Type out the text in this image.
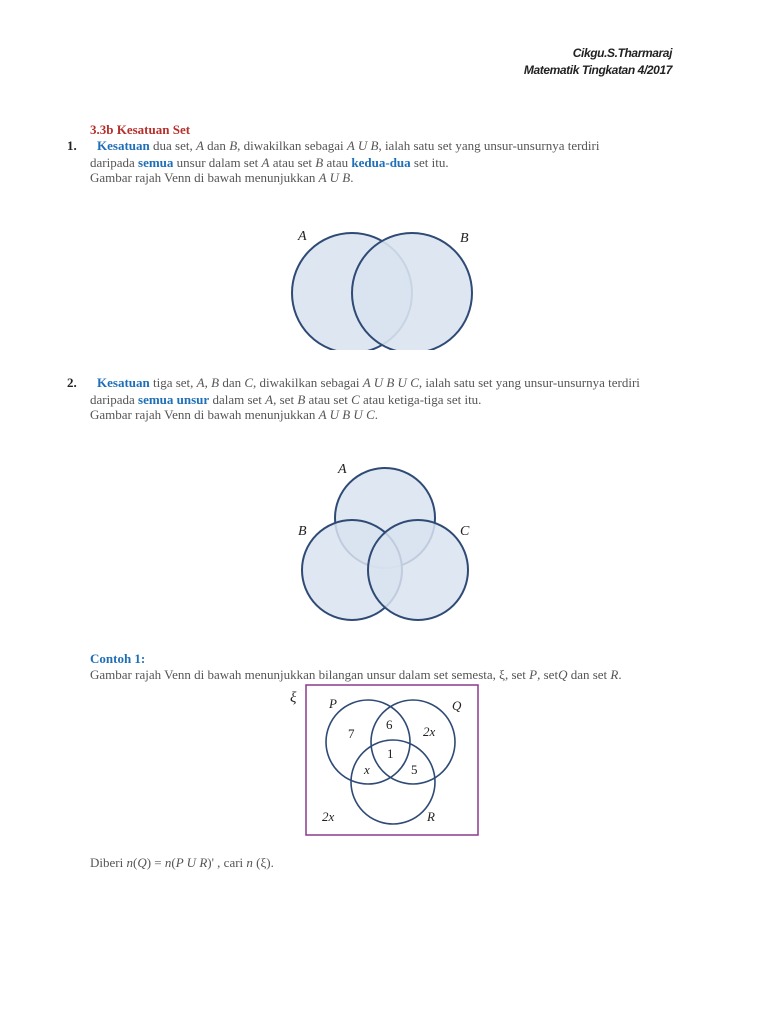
Cikgu.S.Tharmaraj
Matematik Tingkatan 4/2017
3.3b Kesatuan Set
1. Kesatuan dua set, A dan B, diwakilkan sebagai A U B, ialah satu set yang unsur-unsurnya terdiri
daripada semua unsur dalam set A atau set B atau kedua-dua set itu.
Gambar rajah Venn di bawah menunjukkan A U B.
A	B
2. Kesatuan tiga set, A, B dan C, diwakilkan sebagai A U B U C, ialah satu set yang unsur-unsurnya terdiri
daripada semua unsur dalam set A, set B atau set C atau ketiga-tiga set itu.
Gambar rajah Venn di bawah menunjukkan A U B U C.
A
B	C
Contoh 1:
Gambar rajah Venn di bawah menunjukkan bilangan unsur dalam set semesta, ξ, set P, setQ dan set R.
ξ	P	Q
R
7
6 2x
1
x	5
2x
Diberi n(Q) = n(P U R)' , cari n (ξ).
